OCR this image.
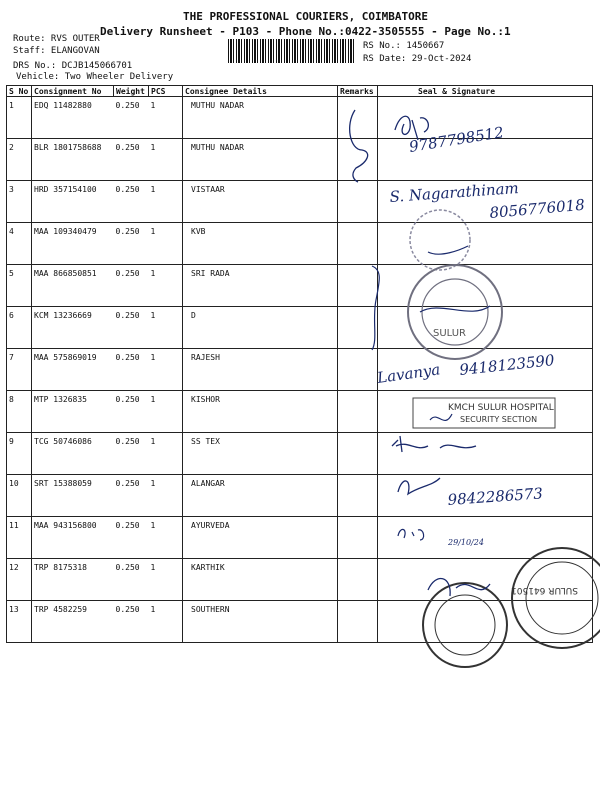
THE PROFESSIONAL COURIERS, COIMBATORE
Delivery Runsheet - P103 - Phone No.:0422-3505555 - Page No.:1
Route: RVS OUTER
Staff: ELANGOVAN
DRS No.: DCJB145066701
Vehicle: Two Wheeler Delivery
RS No.: 1450667
RS Date: 29-Oct-2024
S No	Consignment No	Weight	PCS	Consignee Details	Remarks	Seal & Signature
1	EDQ 11482880	0.250	1	MUTHU NADAR		
2	BLR 1801758688	0.250	1	MUTHU NADAR		
3	HRD 357154100	0.250	1	VISTAAR		
4	MAA 109340479	0.250	1	KVB		
5	MAA 866850851	0.250	1	SRI RADA		
6	KCM 13236669	0.250	1	D		
7	MAA 575869019	0.250	1	RAJESH		
8	MTP 1326835	0.250	1	KISHOR		
9	TCG 50746086	0.250	1	SS TEX		
10	SRT 15388059	0.250	1	ALANGAR		
11	MAA 943156800	0.250	1	AYURVEDA		
12	TRP 8175318	0.250	1	KARTHIK		
13	TRP 4582259	0.250	1	SOUTHERN		
9787798512
S. Nagarathinam
8056776018
SULUR
Lavanya 9418123590
KMCH SULUR HOSPITAL
SECURITY SECTION
9842286573
29/10/24
SULUR 641501
